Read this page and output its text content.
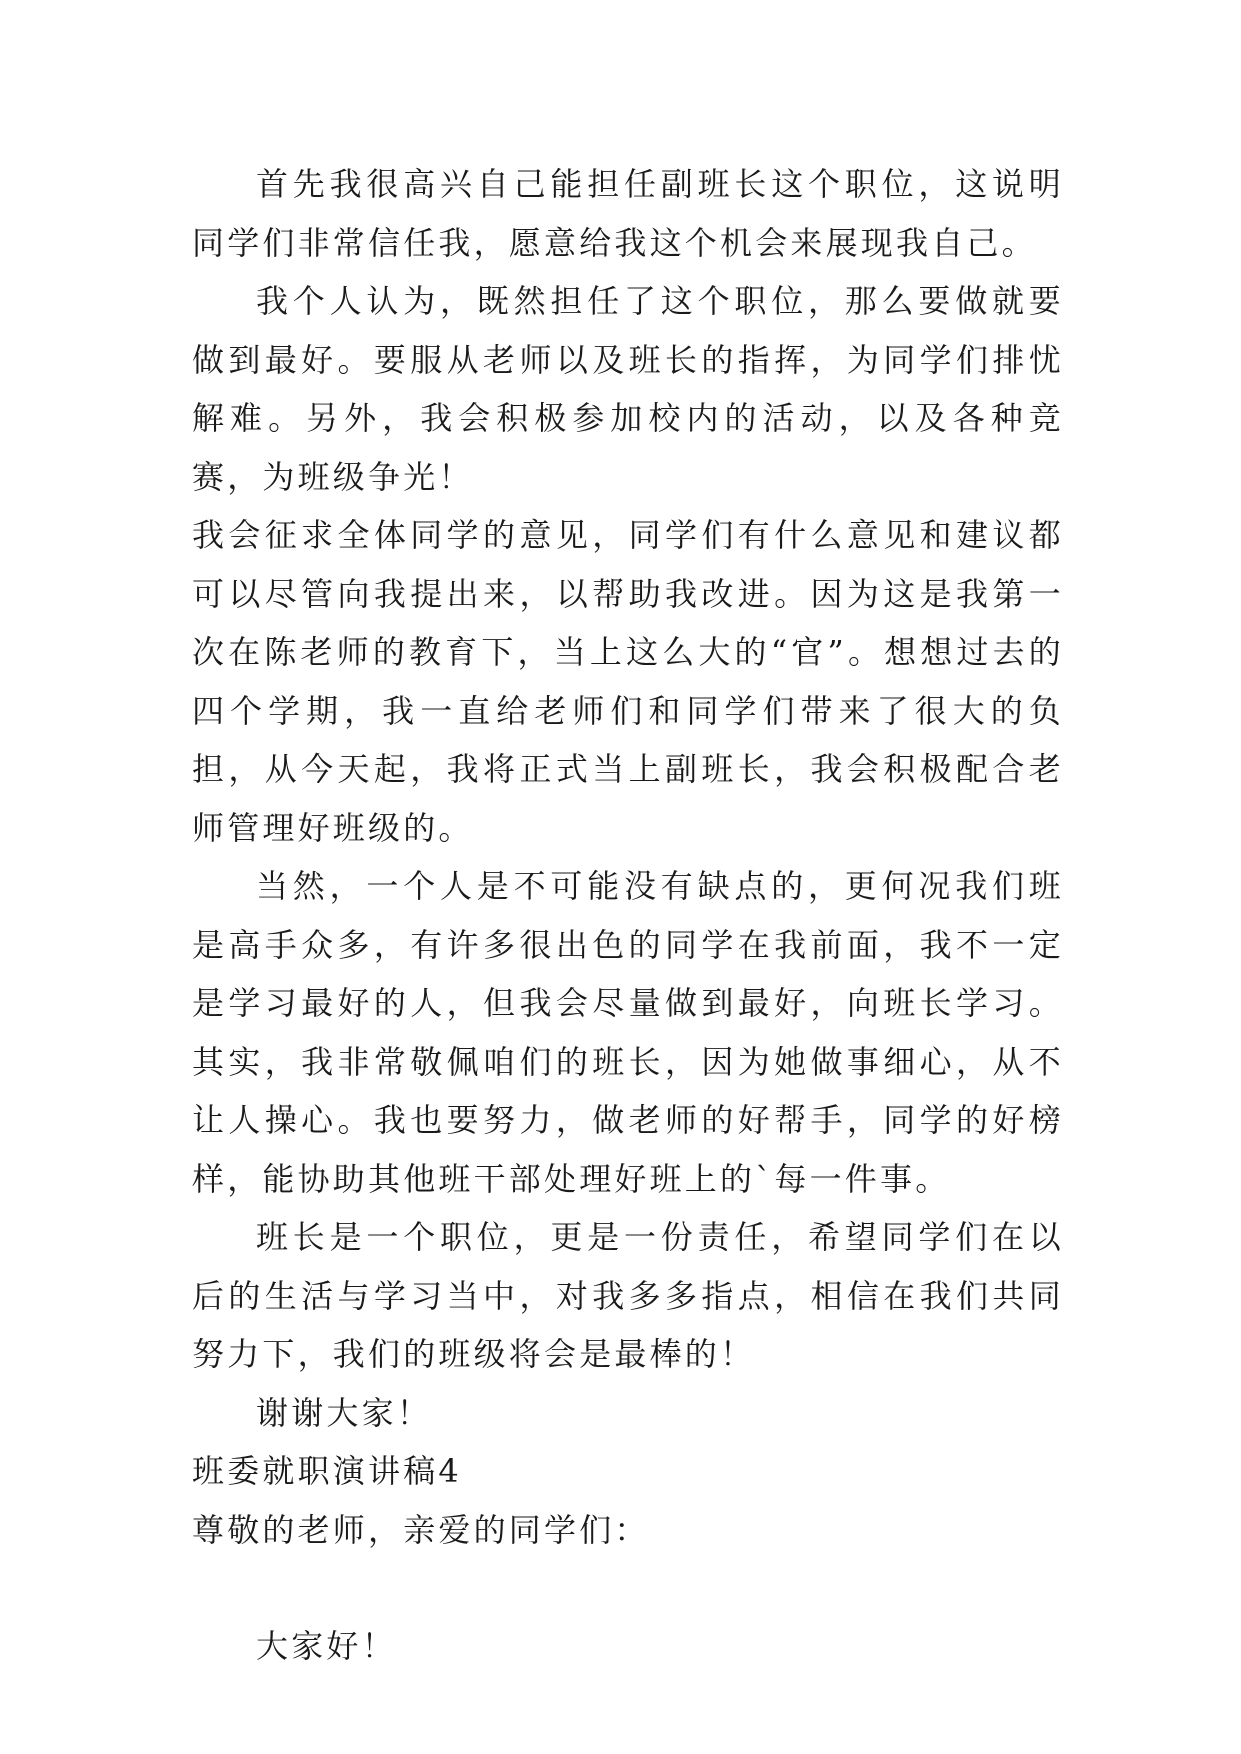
首先我很高兴自己能担任副班长这个职位，这说明同学们非常信任我，愿意给我这个机会来展现我自己。

我个人认为，既然担任了这个职位，那么要做就要做到最好。要服从老师以及班长的指挥，为同学们排忧解难。另外，我会积极参加校内的活动，以及各种竞赛，为班级争光！

我会征求全体同学的意见，同学们有什么意见和建议都可以尽管向我提出来，以帮助我改进。因为这是我第一次在陈老师的教育下，当上这么大的“官”。想想过去的四个学期，我一直给老师们和同学们带来了很大的负担，从今天起，我将正式当上副班长，我会积极配合老师管理好班级的。

当然，一个人是不可能没有缺点的，更何况我们班是高手众多，有许多很出色的同学在我前面，我不一定是学习最好的人，但我会尽量做到最好，向班长学习。其实，我非常敬佩咱们的班长，因为她做事细心，从不让人操心。我也要努力，做老师的好帮手，同学的好榜样，能协助其他班干部处理好班上的`每一件事。

班长是一个职位，更是一份责任，希望同学们在以后的生活与学习当中，对我多多指点，相信在我们共同努力下，我们的班级将会是最棒的！

谢谢大家！

班委就职演讲稿4

尊敬的老师，亲爱的同学们：

大家好！
